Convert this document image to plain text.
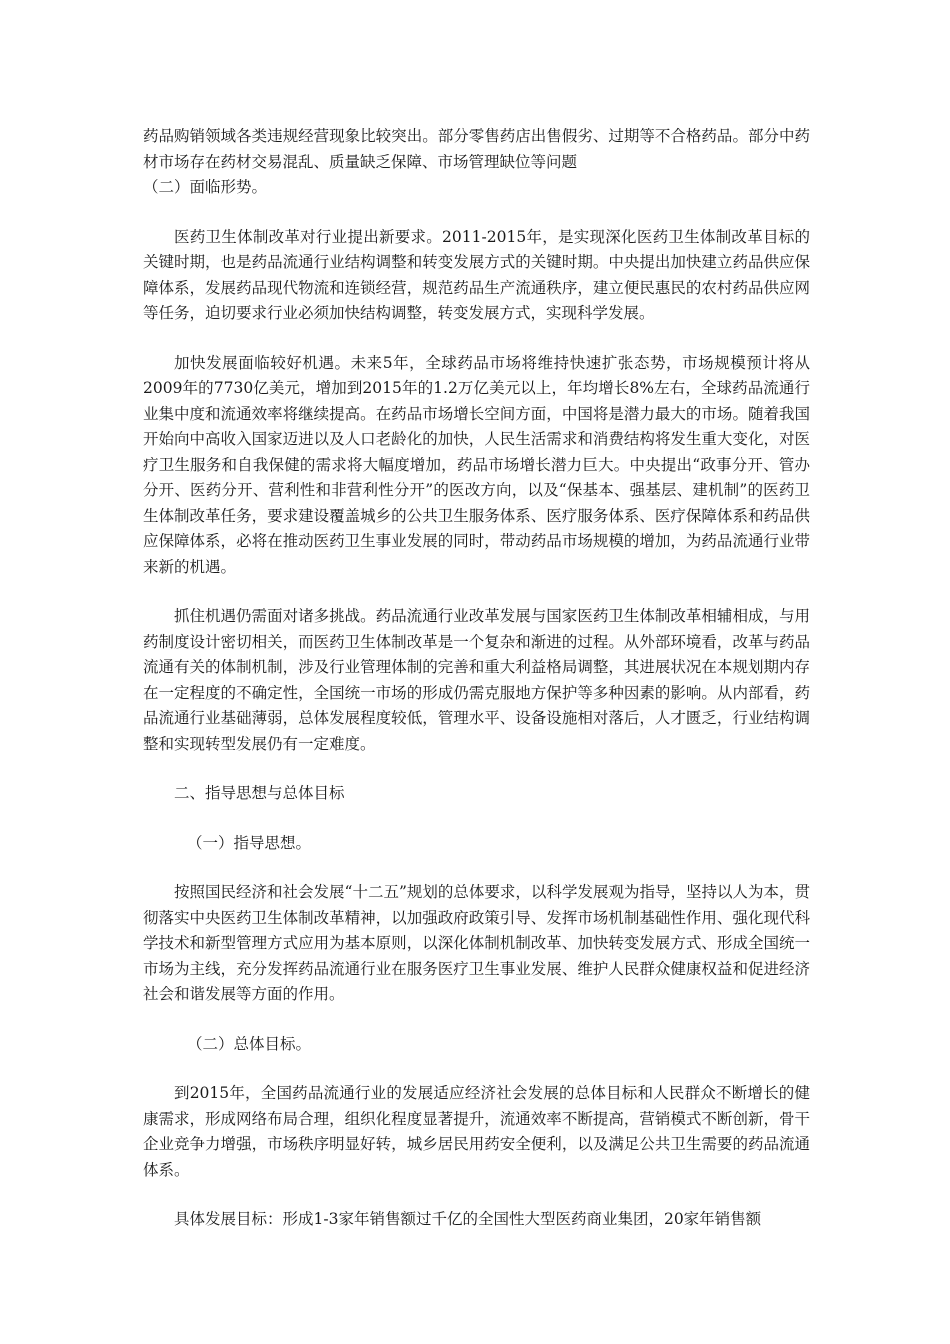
药品购销领域各类违规经营现象比较突出。部分零售药店出售假劣、过期等不合格药品。部分中药材市场存在药材交易混乱、质量缺乏保障、市场管理缺位等问题

（二）面临形势。

医药卫生体制改革对行业提出新要求。2011-2015年，是实现深化医药卫生体制改革目标的关键时期，也是药品流通行业结构调整和转变发展方式的关键时期。中央提出加快建立药品供应保障体系，发展药品现代物流和连锁经营，规范药品生产流通秩序，建立便民惠民的农村药品供应网等任务，迫切要求行业必须加快结构调整，转变发展方式，实现科学发展。

加快发展面临较好机遇。未来5年，全球药品市场将维持快速扩张态势，市场规模预计将从2009年的7730亿美元，增加到2015年的1.2万亿美元以上，年均增长8%左右，全球药品流通行业集中度和流通效率将继续提高。在药品市场增长空间方面，中国将是潜力最大的市场。随着我国开始向中高收入国家迈进以及人口老龄化的加快，人民生活需求和消费结构将发生重大变化，对医疗卫生服务和自我保健的需求将大幅度增加，药品市场增长潜力巨大。中央提出“政事分开、管办分开、医药分开、营利性和非营利性分开”的医改方向，以及“保基本、强基层、建机制”的医药卫生体制改革任务，要求建设覆盖城乡的公共卫生服务体系、医疗服务体系、医疗保障体系和药品供应保障体系，必将在推动医药卫生事业发展的同时，带动药品市场规模的增加，为药品流通行业带来新的机遇。

抓住机遇仍需面对诸多挑战。药品流通行业改革发展与国家医药卫生体制改革相辅相成，与用药制度设计密切相关，而医药卫生体制改革是一个复杂和渐进的过程。从外部环境看，改革与药品流通有关的体制机制，涉及行业管理体制的完善和重大利益格局调整，其进展状况在本规划期内存在一定程度的不确定性，全国统一市场的形成仍需克服地方保护等多种因素的影响。从内部看，药品流通行业基础薄弱，总体发展程度较低，管理水平、设备设施相对落后，人才匮乏，行业结构调整和实现转型发展仍有一定难度。

二、指导思想与总体目标

（一）指导思想。

按照国民经济和社会发展“十二五”规划的总体要求，以科学发展观为指导，坚持以人为本，贯彻落实中央医药卫生体制改革精神，以加强政府政策引导、发挥市场机制基础性作用、强化现代科学技术和新型管理方式应用为基本原则，以深化体制机制改革、加快转变发展方式、形成全国统一市场为主线，充分发挥药品流通行业在服务医疗卫生事业发展、维护人民群众健康权益和促进经济社会和谐发展等方面的作用。

（二）总体目标。

到2015年，全国药品流通行业的发展适应经济社会发展的总体目标和人民群众不断增长的健康需求，形成网络布局合理，组织化程度显著提升，流通效率不断提高，营销模式不断创新，骨干企业竞争力增强，市场秩序明显好转，城乡居民用药安全便利，以及满足公共卫生需要的药品流通体系。

具体发展目标：形成1-3家年销售额过千亿的全国性大型医药商业集团，20家年销售额
